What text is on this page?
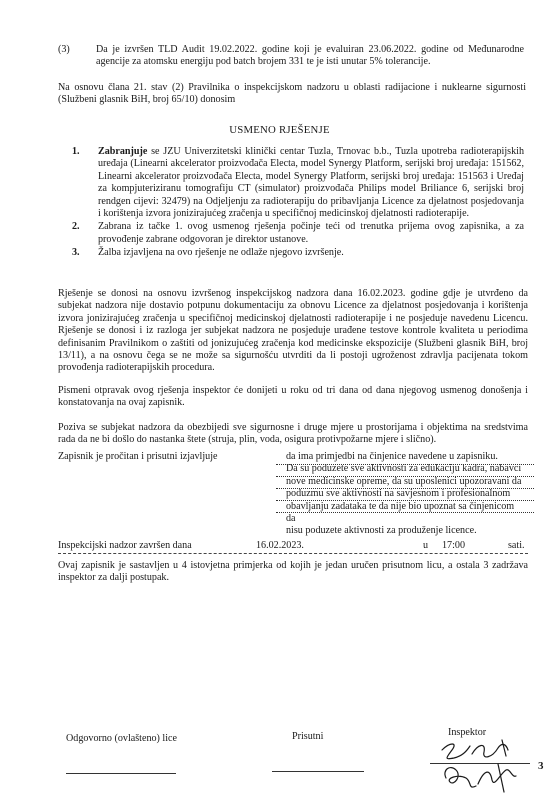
(3)	Da je izvršen TLD Audit 19.02.2022. godine koji je evaluiran 23.06.2022. godine od Međunarodne agencije za atomsku energiju pod batch brojem 331 te je isti unutar 5% tolerancije.
Na osnovu člana 21. stav (2) Pravilnika o inspekcijskom nadzoru u oblasti radijacione i nuklearne sigurnosti (Službeni glasnik BiH, broj 65/10) donosim
USMENO RJEŠENJE
1. Zabranjuje se JZU Univerzitetski klinički centar Tuzla, Trnovac b.b., Tuzla upotreba radioterapijskih uređaja (Linearni akcelerator proizvođača Electa, model Synergy Platform, serijski broj uređaja: 151562, Linearni akcelerator proizvođača Electa, model Synergy Platform, serijski broj uređaja: 151563 i Uređaj za kompjuteriziranu tomografiju CT (simulator) proizvođača Philips model Briliance 6, serijski broj rendgen cijevi: 32479) na Odjeljenju za radioterapiju do pribavljanja Licence za djelatnost posjedovanja i korištenja izvora jonizirajućeg zračenja u specifičnoj medicinskoj djelatnosti radioterapije.
2. Zabrana iz tačke 1. ovog usmenog rješenja počinje teći od trenutka prijema ovog zapisnika, a za provođenje zabrane odgovoran je direktor ustanove.
3. Žalba izjavljena na ovo rješenje ne odlaže njegovo izvršenje.
Rješenje se donosi na osnovu izvršenog inspekcijskog nadzora dana 16.02.2023. godine gdje je utvrđeno da subjekat nadzora nije dostavio potpunu dokumentaciju za obnovu Licence za djelatnost posjedovanja i korištenja izvora jonizirajućeg zračenja u specifičnoj medicinskoj djelatnosti radioterapije i ne posjeduje navedenu Licencu. Rješenje se donosi i iz razloga jer subjekat nadzora ne posjeduje urađene testove kontrole kvaliteta u periodima definisanim Pravilnikom o zaštiti od jonizujućeg zračenja kod medicinske ekspozicije (Službeni glasnik BiH, broj 13/11), a na osnovu čega se ne može sa sigurnošću utvrditi da li postoji ugroženost zdravlja pacijenata tokom provođenja radioterapijskih procedura.
Pismeni otpravak ovog rješenja inspektor će donijeti u roku od tri dana od dana njegovog usmenog donošenja i konstatovanja na ovaj zapisnik.
Poziva se subjekat nadzora da obezbijedi sve sigurnosne i druge mjere u prostorijama i objektima na sredstvima rada da ne bi došlo do nastanka štete (struja, plin, voda, osigura protivpožarne mjere i slično).
Zapisnik je pročitan i prisutni izjavljuje	da ima primjedbi na činjenice navedene u zapisniku.
Da su poduzete sve aktivnosti za edukaciju kadra, nabavci
nove medicinske opreme, da su uposlenici upozoravani da
poduzmu sve aktivnosti na savjesnom i profesionalnom
obavljanju zadataka te da nije bio upoznat sa činjenicom da
nisu poduzete aktivnosti za produženje licence.
Inspekcijski nadzor završen dana	16.02.2023.	u 17:00	sati.
Ovaj zapisnik je sastavljen u 4 istovjetna primjerka od kojih je jedan uručen prisutnom licu, a ostala 3 zadržava inspektor za dalji postupak.
Odgovorno (ovlašteno) lice	Prisutni	Inspektor
3
